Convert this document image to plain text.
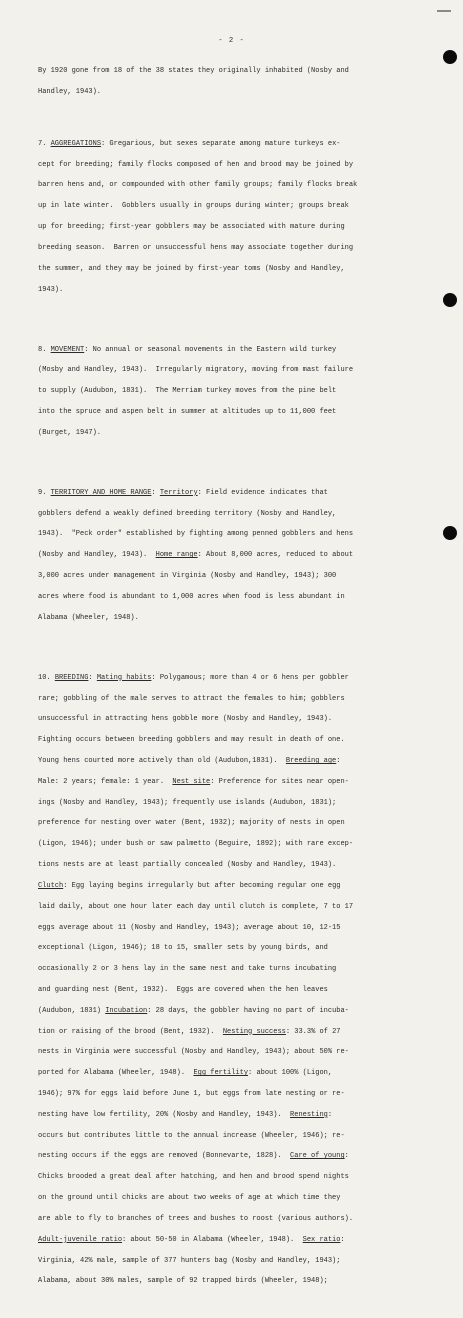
- 2 -

By 1920 gone from 18 of the 38 states they originally inhabited (Nosby and

Handley, 1943).

7. AGGREGATIONS: Gregarious, but sexes separate among mature turkeys ex-

cept for breeding; family flocks composed of hen and brood may be joined by

barren hens and, or compounded with other family groups; family flocks break

up in late winter.  Gobblers usually in groups during winter; groups break

up for breeding; first-year gobblers may be associated with mature during

breeding season.  Barren or unsuccessful hens may associate together during

the summer, and they may be joined by first-year toms (Nosby and Handley,

1943).

8. MOVEMENT: No annual or seasonal movements in the Eastern wild turkey

(Mosby and Handley, 1943).  Irregularly migratory, moving from mast failure

to supply (Audubon, 1831).  The Merriam turkey moves from the pine belt

into the spruce and aspen belt in summer at altitudes up to 11,000 feet

(Burget, 1947).

9. TERRITORY AND HOME RANGE: Territory: Field evidence indicates that

gobblers defend a weakly defined breeding territory (Nosby and Handley,

1943).  "Peck order" established by fighting among penned gobblers and hens

(Nosby and Handley, 1943).  Home range: About 8,000 acres, reduced to about

3,000 acres under management in Virginia (Nosby and Handley, 1943); 300

acres where food is abundant to 1,000 acres when food is less abundant in

Alabama (Wheeler, 1948).

10. BREEDING: Mating habits: Polygamous; more than 4 or 6 hens per gobbler

rare; gobbling of the male serves to attract the females to him; gobblers

unsuccessful in attracting hens gobble more (Nosby and Handley, 1943).

Fighting occurs between breeding gobblers and may result in death of one.

Young hens courted more actively than old (Audubon,1831).  Breeding age:

Male: 2 years; female: 1 year.  Nest site: Preference for sites near open-

ings (Nosby and Handley, 1943); frequently use islands (Audubon, 1831);

preference for nesting over water (Bent, 1932); majority of nests in open

(Ligon, 1946); under bush or saw palmetto (Beguire, 1892); with rare excep-

tions nests are at least partially concealed (Nosby and Handley, 1943).

Clutch: Egg laying begins irregularly but after becoming regular one egg

laid daily, about one hour later each day until clutch is complete, 7 to 17

eggs average about 11 (Nosby and Handley, 1943); average about 10, 12-15

exceptional (Ligon, 1946); 18 to 15, smaller sets by young birds, and

occasionally 2 or 3 hens lay in the same nest and take turns incubating

and guarding nest (Bent, 1932).  Eggs are covered when the hen leaves

(Audubon, 1831) Incubation: 28 days, the gobbler having no part of incuba-

tion or raising of the brood (Bent, 1932).  Nesting success: 33.3% of 27

nests in Virginia were successful (Nosby and Handley, 1943); about 50% re-

ported for Alabama (Wheeler, 1948).  Egg fertility: about 100% (Ligon,

1946); 97% for eggs laid before June 1, but eggs from late nesting or re-

nesting have low fertility, 20% (Nosby and Handley, 1943).  Renesting:

occurs but contributes little to the annual increase (Wheeler, 1946); re-

nesting occurs if the eggs are removed (Bonnevarte, 1828).  Care of young:

Chicks brooded a great deal after hatching, and hen and brood spend nights

on the ground until chicks are about two weeks of age at which time they

are able to fly to branches of trees and bushes to roost (various authors).

Adult-juvenile ratio: about 50-50 in Alabama (Wheeler, 1948).  Sex ratio:

Virginia, 42% male, sample of 377 hunters bag (Nosby and Handley, 1943);

Alabama, about 30% males, sample of 92 trapped birds (Wheeler, 1948);
